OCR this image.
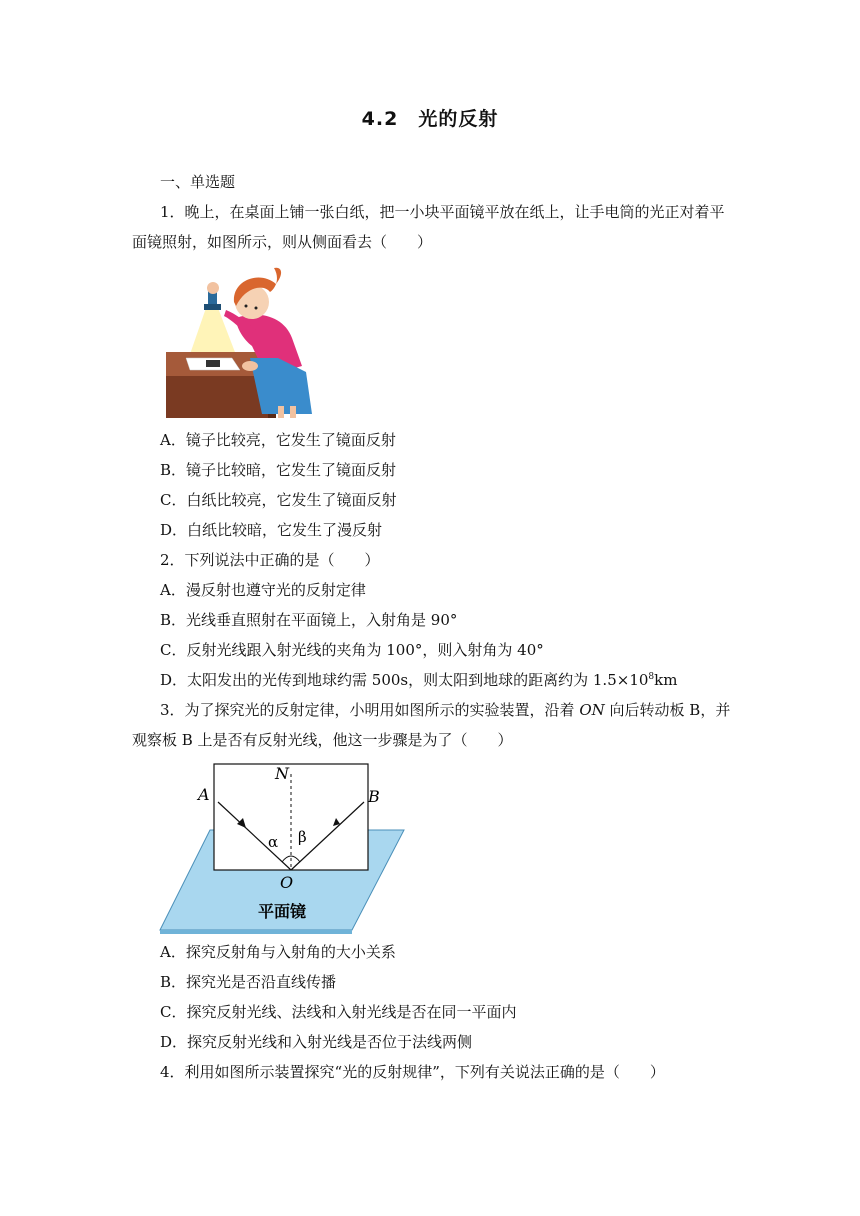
4.2　光的反射
一、单选题
1．晚上，在桌面上铺一张白纸，把一小块平面镜平放在纸上，让手电筒的光正对着平
面镜照射，如图所示，则从侧面看去（　　）
A．镜子比较亮，它发生了镜面反射
B．镜子比较暗，它发生了镜面反射
C．白纸比较亮，它发生了镜面反射
D．白纸比较暗，它发生了漫反射
2．下列说法中正确的是（　　）
A．漫反射也遵守光的反射定律
B．光线垂直照射在平面镜上，入射角是 90°
C．反射光线跟入射光线的夹角为 100°，则入射角为 40°
D．太阳发出的光传到地球约需 500s，则太阳到地球的距离约为 $1.5\times 10^8km$
3．为了探究光的反射定律，小明用如图所示的实验装置，沿着 ON 向后转动板 B，并
观察板 B 上是否有反射光线，他这一步骤是为了（　　）
A	B
N
O
α β
平面镜
A．探究反射角与入射角的大小关系
B．探究光是否沿直线传播
C．探究反射光线、法线和入射光线是否在同一平面内
D．探究反射光线和入射光线是否位于法线两侧
4．利用如图所示装置探究“光的反射规律”，下列有关说法正确的是（　　）
